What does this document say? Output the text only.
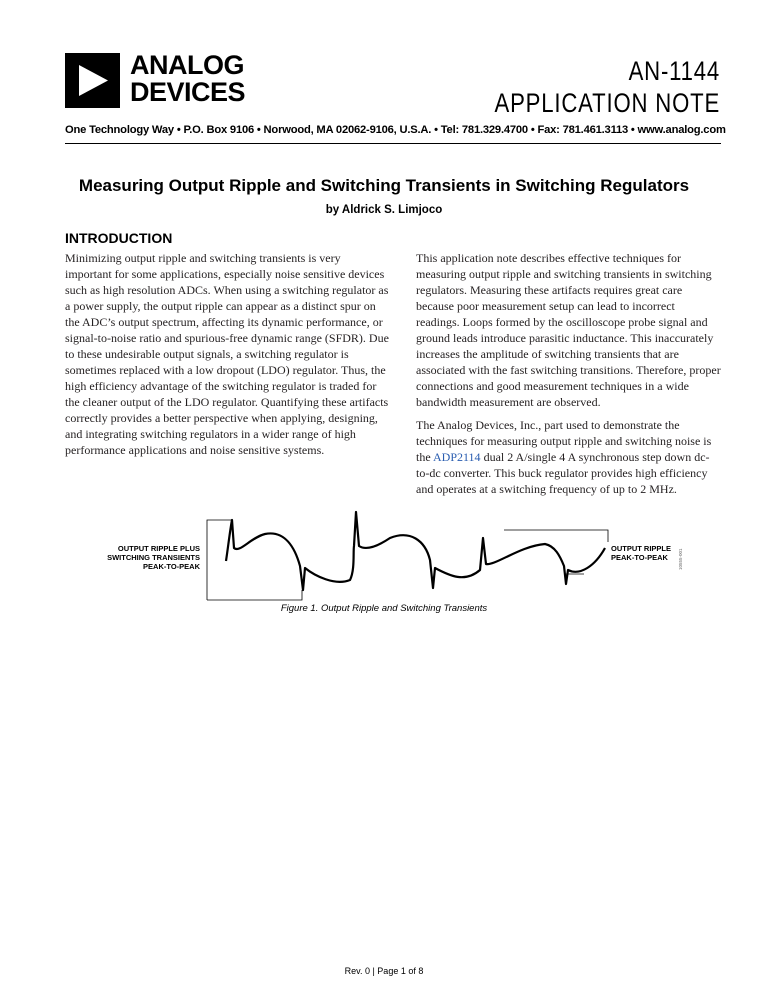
ANALOG
DEVICES
AN-1144
APPLICATION NOTE
One Technology Way • P.O. Box 9106 • Norwood, MA 02062-9106, U.S.A. • Tel: 781.329.4700 • Fax: 781.461.3113 • www.analog.com
Measuring Output Ripple and Switching Transients in Switching Regulators
by Aldrick S. Limjoco
INTRODUCTION

Minimizing output ripple and switching transients is very important for some applications, especially noise sensitive devices such as high resolution ADCs. When using a switching regulator as a power supply, the output ripple can appear as a distinct spur on the ADC’s output spectrum, affecting its dynamic performance, or signal-to-noise ratio and spurious-free dynamic range (SFDR). Due to these undesirable output signals, a switching regulator is sometimes replaced with a low dropout (LDO) regulator. Thus, the high efficiency advantage of the switching regulator is traded for the cleaner output of the LDO regulator. Quantifying these artifacts correctly provides a better perspective when applying, designing, and integrating switching regulators in a wider range of high performance applications and noise sensitive systems.

This application note describes effective techniques for measuring output ripple and switching transients in switching regulators. Measuring these artifacts requires great care because poor measurement setup can lead to incorrect readings. Loops formed by the oscilloscope probe signal and ground leads introduce parasitic inductance. This inaccurately increases the amplitude of switching transients that are associated with the fast switching transitions. Therefore, proper connections and good measurement techniques in a wide bandwidth measurement are observed.

The Analog Devices, Inc., part used to demonstrate the techniques for measuring output ripple and switching noise is the ADP2114 dual 2 A/single 4 A synchronous step down dc-to-dc converter. This buck regulator provides high efficiency and operates at a switching frequency of up to 2 MHz.

OUTPUT RIPPLE PLUS SWITCHING TRANSIENTS PEAK-TO-PEAK
OUTPUT RIPPLE PEAK-TO-PEAK	10555-001
Figure 1. Output Ripple and Switching Transients
Rev. 0 | Page 1 of 8
